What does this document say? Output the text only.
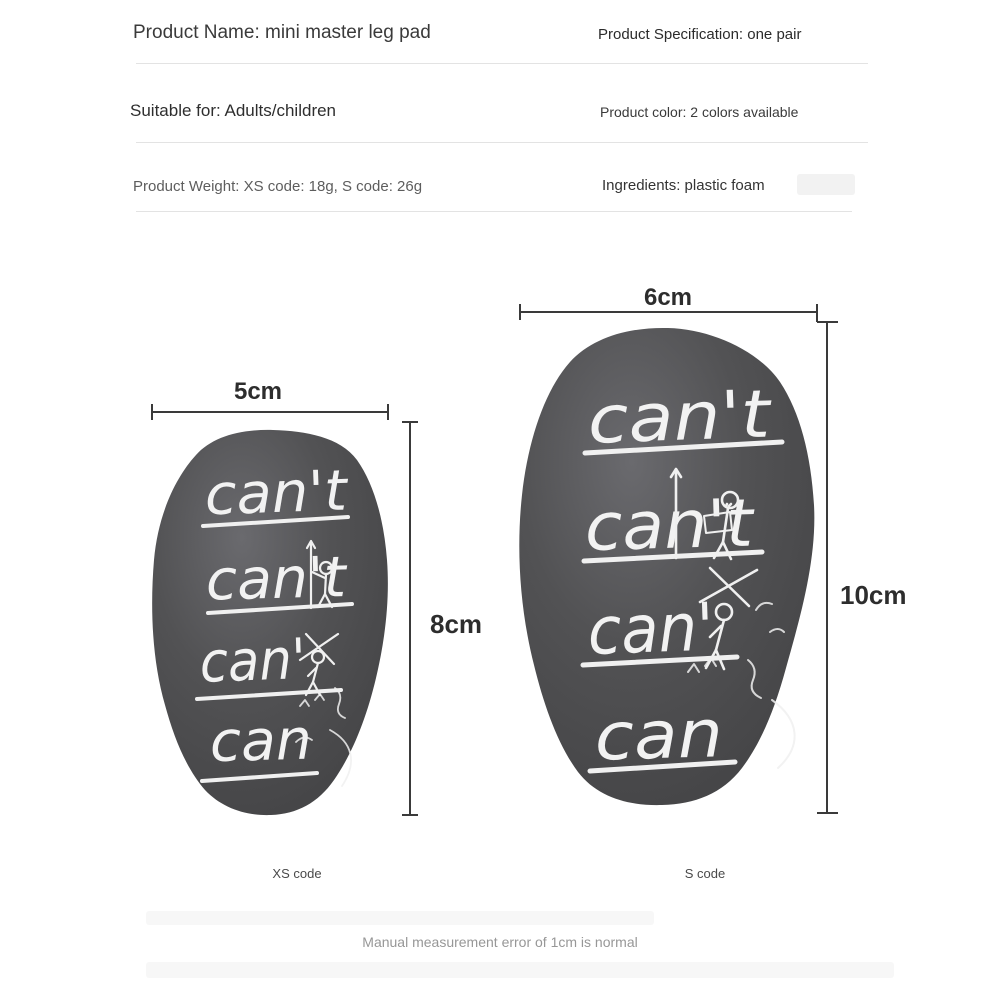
Product Name: mini master leg pad	Product Specification: one pair
Suitable for: Adults/children	Product color: 2 colors available
Product Weight: XS code: 18g, S code: 26g	Ingredients: plastic foam
can't
can't
can'
can
5cm
8cm
can't
can't
can'
can
6cm
10cm
XS code	S code
Manual measurement error of 1cm is normal
